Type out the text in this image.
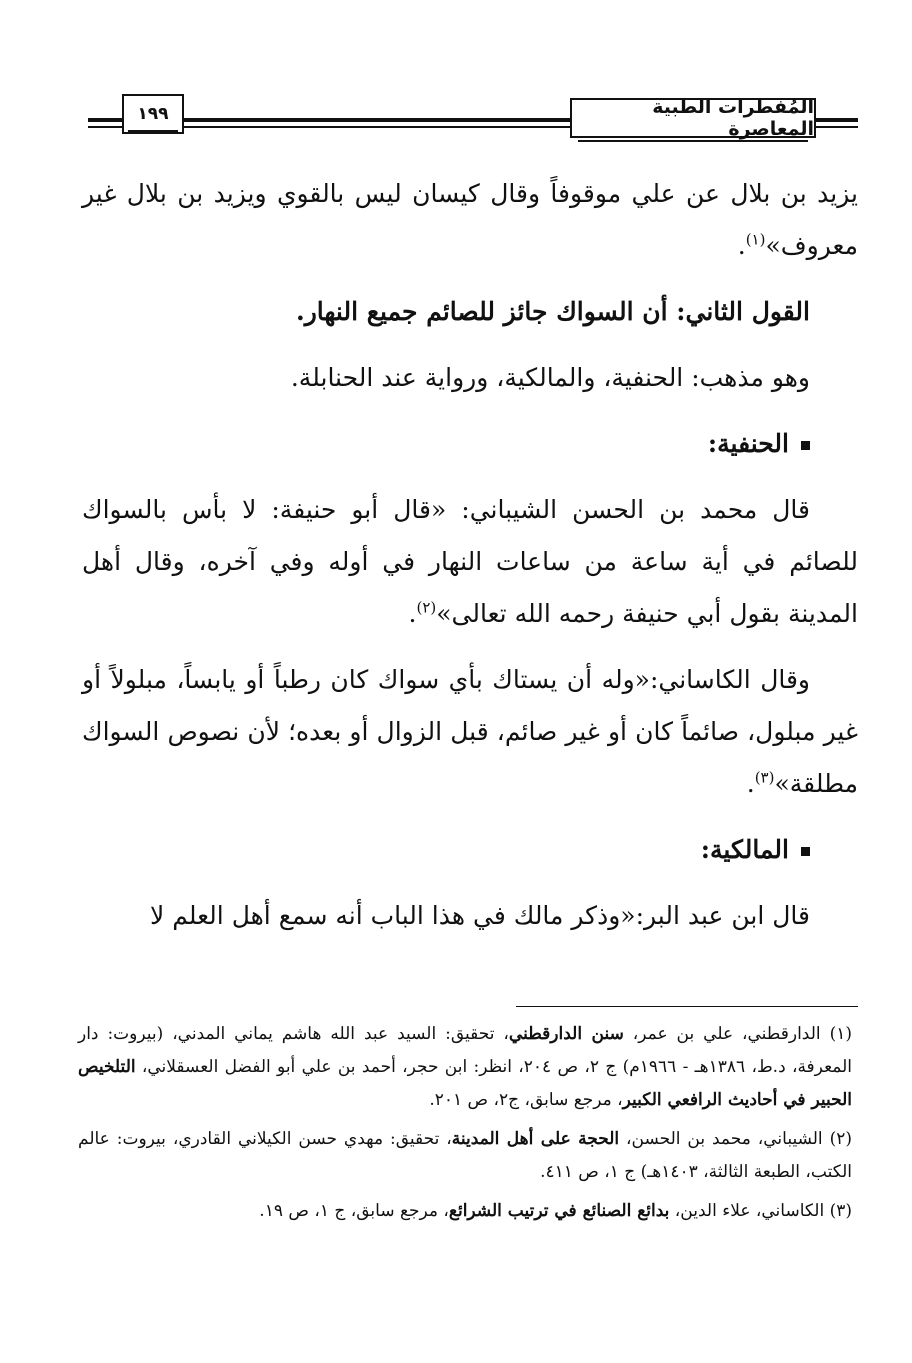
المُفطرات الطبية المعاصرة
١٩٩

يزيد بن بلال عن علي موقوفاً وقال كيسان ليس بالقوي ويزيد بن بلال غير معروف»$^{(١)}$.

القول الثاني: أن السواك جائز للصائم جميع النهار.

وهو مذهب: الحنفية، والمالكية، ورواية عند الحنابلة.

الحنفية:

قال محمد بن الحسن الشيباني: «قال أبو حنيفة: لا بأس بالسواك للصائم في أية ساعة من ساعات النهار في أوله وفي آخره، وقال أهل المدينة بقول أبي حنيفة رحمه الله تعالى»$^{(٢)}$.

وقال الكاساني:«وله أن يستاك بأي سواك كان رطباً أو يابساً، مبلولاً أو غير مبلول، صائماً كان أو غير صائم، قبل الزوال أو بعده؛ لأن نصوص السواك مطلقة»$^{(٣)}$.

المالكية:

قال ابن عبد البر:«وذكر مالك في هذا الباب أنه سمع أهل العلم لا

(١) الدارقطني، علي بن عمر، سنن الدارقطني، تحقيق: السيد عبد الله هاشم يماني المدني، (بيروت: دار المعرفة، د.ط، ١٣٨٦هـ - ١٩٦٦م) ج ٢، ص ٢٠٤، انظر: ابن حجر، أحمد بن علي أبو الفضل العسقلاني، التلخيص الحبير في أحاديث الرافعي الكبير، مرجع سابق، ج٢، ص ٢٠١.

(٢) الشيباني، محمد بن الحسن، الحجة على أهل المدينة، تحقيق: مهدي حسن الكيلاني القادري، بيروت: عالم الكتب، الطبعة الثالثة، ١٤٠٣هـ) ج ١، ص ٤١١.

(٣) الكاساني، علاء الدين، بدائع الصنائع في ترتيب الشرائع، مرجع سابق، ج ١، ص ١٩.
